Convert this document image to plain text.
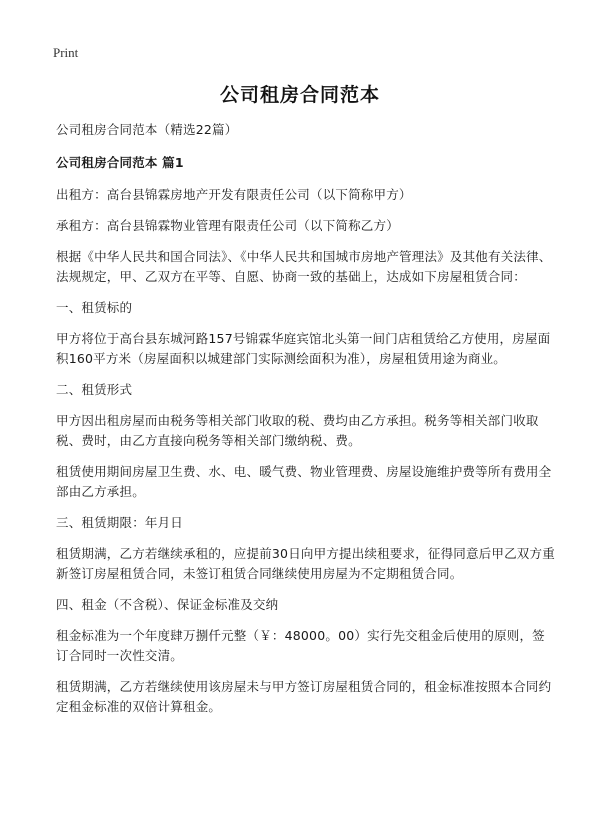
Print
公司租房合同范本

公司租房合同范本（精选22篇）

公司租房合同范本 篇1

出租方：高台县锦霖房地产开发有限责任公司（以下简称甲方）

承租方：高台县锦霖物业管理有限责任公司（以下简称乙方）

根据《中华人民共和国合同法》、《中华人民共和国城市房地产管理法》及其他有关法律、法规规定，甲、乙双方在平等、自愿、协商一致的基础上，达成如下房屋租赁合同：

一、租赁标的

甲方将位于高台县东城河路157号锦霖华庭宾馆北头第一间门店租赁给乙方使用，房屋面积160平方米（房屋面积以城建部门实际测绘面积为准），房屋租赁用途为商业。

二、租赁形式

甲方因出租房屋而由税务等相关部门收取的税、费均由乙方承担。税务等相关部门收取税、费时，由乙方直接向税务等相关部门缴纳税、费。

租赁使用期间房屋卫生费、水、电、暖气费、物业管理费、房屋设施维护费等所有费用全部由乙方承担。

三、租赁期限：年月日

租赁期满，乙方若继续承租的，应提前30日向甲方提出续租要求，征得同意后甲乙双方重新签订房屋租赁合同，未签订租赁合同继续使用房屋为不定期租赁合同。

四、租金（不含税）、保证金标准及交纳

租金标准为一个年度肆万捌仟元整（￥：48000。00）实行先交租金后使用的原则，签订合同时一次性交清。

租赁期满，乙方若继续使用该房屋未与甲方签订房屋租赁合同的，租金标准按照本合同约定租金标准的双倍计算租金。
